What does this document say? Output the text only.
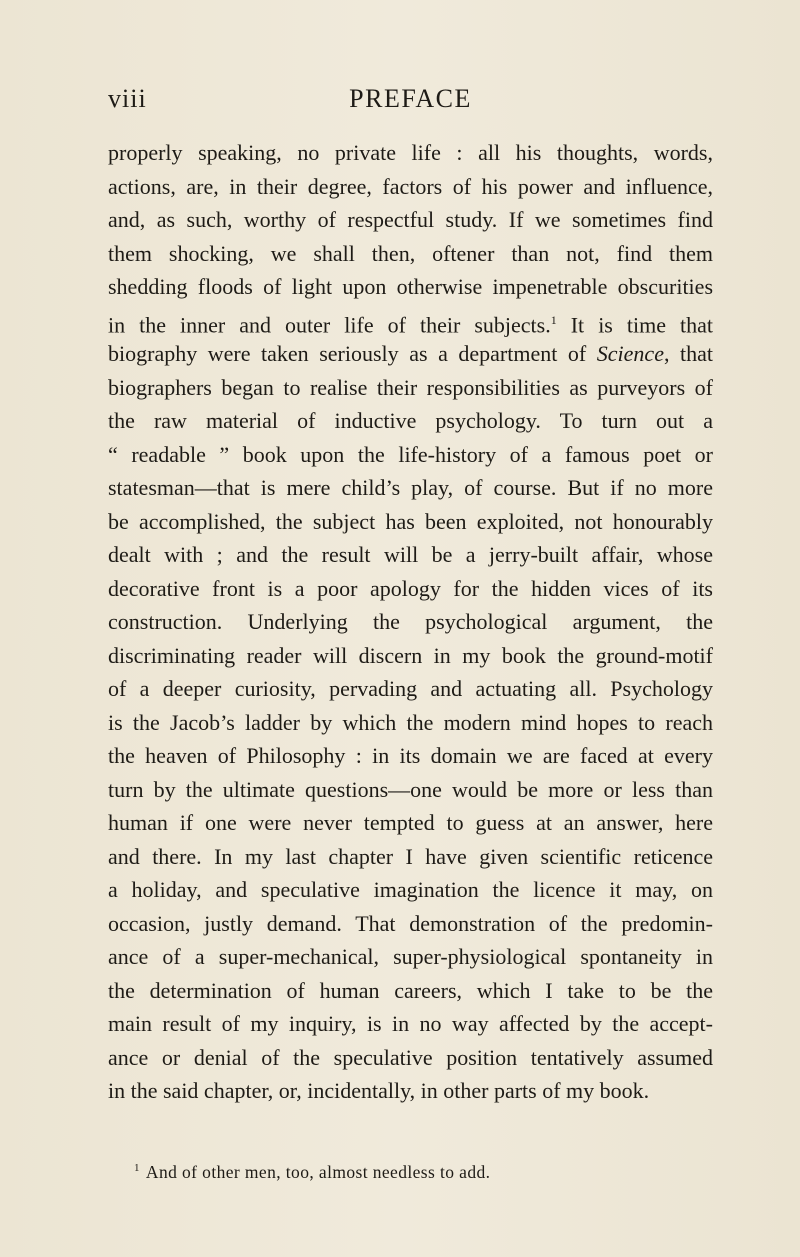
viii	PREFACE
properly speaking, no private life : all his thoughts, words,
actions, are, in their degree, factors of his power and influence,
and, as such, worthy of respectful study. If we sometimes find
them shocking, we shall then, oftener than not, find them
shedding floods of light upon otherwise impenetrable obscurities
in the inner and outer life of their subjects.$^1$ It is time that
biography were taken seriously as a department of Science, that
biographers began to realise their responsibilities as purveyors of
the raw material of inductive psychology. To turn out a
“ readable ” book upon the life-history of a famous poet or
statesman—that is mere child’s play, of course. But if no more
be accomplished, the subject has been exploited, not honourably
dealt with ; and the result will be a jerry-built affair, whose
decorative front is a poor apology for the hidden vices of its
construction. Underlying the psychological argument, the
discriminating reader will discern in my book the ground-motif
of a deeper curiosity, pervading and actuating all. Psychology
is the Jacob’s ladder by which the modern mind hopes to reach
the heaven of Philosophy : in its domain we are faced at every
turn by the ultimate questions—one would be more or less than
human if one were never tempted to guess at an answer, here
and there. In my last chapter I have given scientific reticence
a holiday, and speculative imagination the licence it may, on
occasion, justly demand. That demonstration of the predomin-
ance of a super-mechanical, super-physiological spontaneity in
the determination of human careers, which I take to be the
main result of my inquiry, is in no way affected by the accept-
ance or denial of the speculative position tentatively assumed
in the said chapter, or, incidentally, in other parts of my book.
$^1$ And of other men, too, almost needless to add.
